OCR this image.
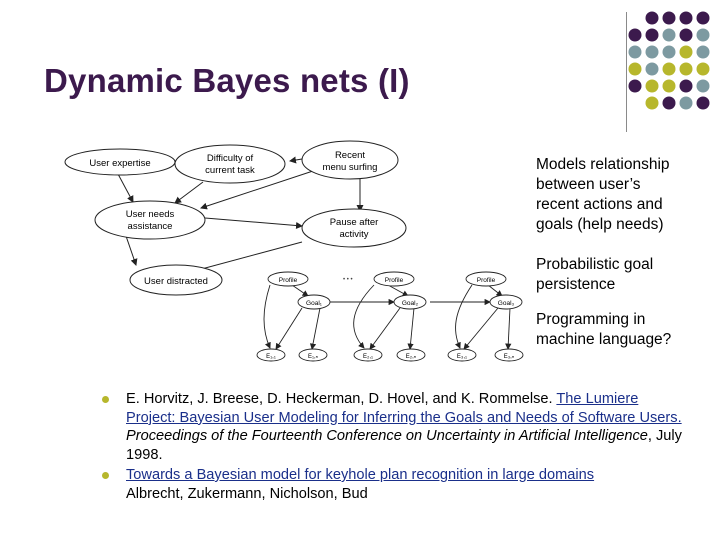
Dynamic Bayes nets (I)
User expertise	Difficulty of
current task
Recent
menu surfing
User needs
assistance	Pause after
activity
User distracted	Profile	Profile	Profile
• • •
Goal₁	Goal₂	Goal₃
E₁,₁	E₁,ₙ	E₂,₁	E₂,ₙ	E₃,₁	E₃,ₙ
Models relationship
between user’s
recent actions and
goals (help needs)
Probabilistic goal
persistence
Programming in
machine language?
E. Horvitz, J. Breese, D. Heckerman, D. Hovel, and K. Rommelse. The Lumiere Project: Bayesian User Modeling for Inferring the Goals and Needs of Software Users. Proceedings of the Fourteenth Conference on Uncertainty in Artificial Intelligence, July 1998.
Towards a Bayesian model for keyhole plan recognition in large domains
Albrecht, Zukermann, Nicholson, Bud
